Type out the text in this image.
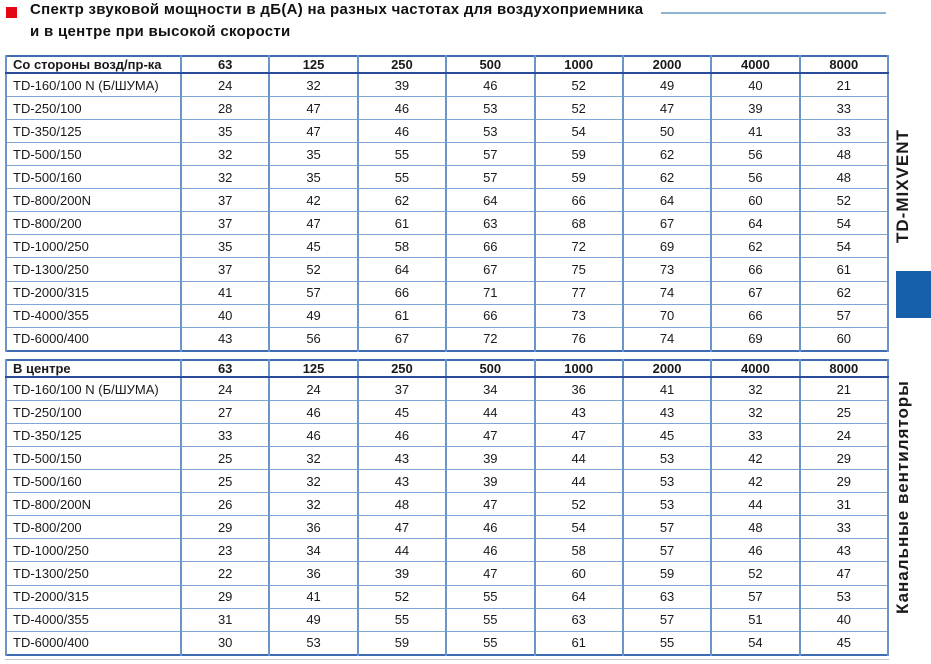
Спектр звуковой мощности в дБ(А) на разных частотах для воздухоприемника
и в центре при высокой скорости
Со стороны возд/пр-ка	63	125	250	500	1000	2000	4000	8000
TD-160/100 N (Б/ШУМА)	24	32	39	46	52	49	40	21
TD-250/100	28	47	46	53	52	47	39	33
TD-350/125	35	47	46	53	54	50	41	33
TD-500/150	32	35	55	57	59	62	56	48
TD-500/160	32	35	55	57	59	62	56	48
TD-800/200N	37	42	62	64	66	64	60	52
TD-800/200	37	47	61	63	68	67	64	54
TD-1000/250	35	45	58	66	72	69	62	54
TD-1300/250	37	52	64	67	75	73	66	61
TD-2000/315	41	57	66	71	77	74	67	62
TD-4000/355	40	49	61	66	73	70	66	57
TD-6000/400	43	56	67	72	76	74	69	60
В центре	63	125	250	500	1000	2000	4000	8000
TD-160/100 N (Б/ШУМА)	24	24	37	34	36	41	32	21
TD-250/100	27	46	45	44	43	43	32	25
TD-350/125	33	46	46	47	47	45	33	24
TD-500/150	25	32	43	39	44	53	42	29
TD-500/160	25	32	43	39	44	53	42	29
TD-800/200N	26	32	48	47	52	53	44	31
TD-800/200	29	36	47	46	54	57	48	33
TD-1000/250	23	34	44	46	58	57	46	43
TD-1300/250	22	36	39	47	60	59	52	47
TD-2000/315	29	41	52	55	64	63	57	53
TD-4000/355	31	49	55	55	63	57	51	40
TD-6000/400	30	53	59	55	61	55	54	45
TD-MIXVENT
Канальные вентиляторы
